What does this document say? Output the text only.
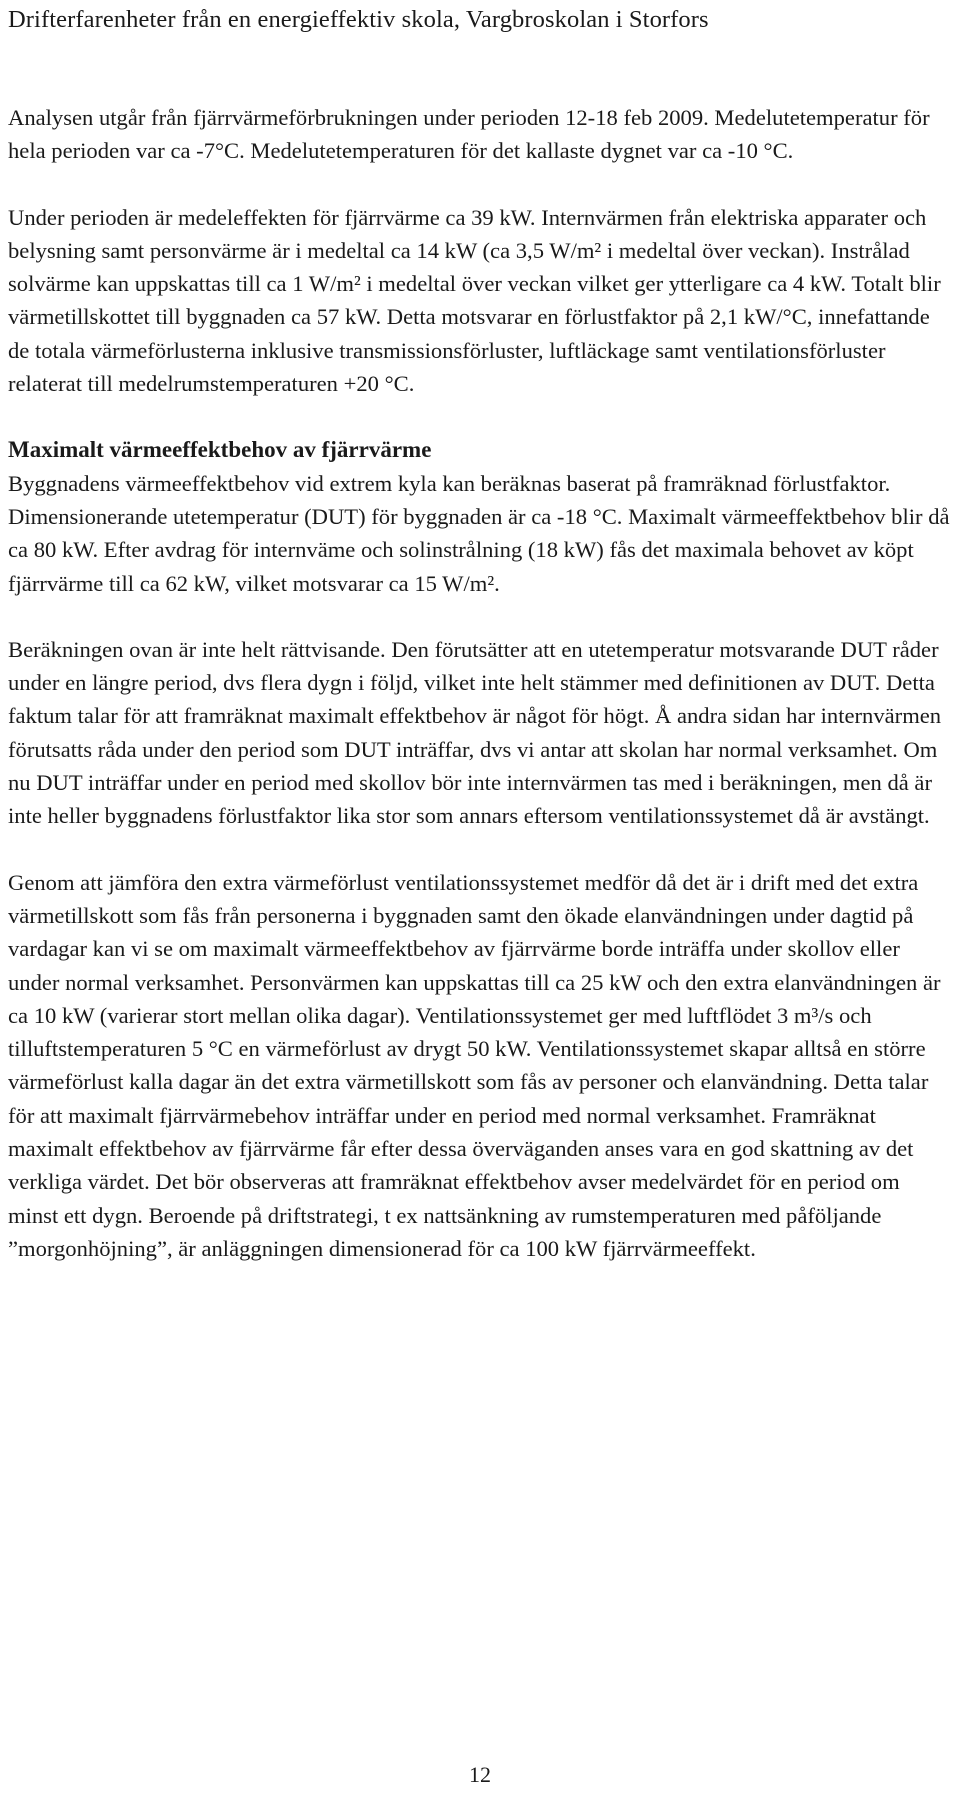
Drifterfarenheter från en energieffektiv skola, Vargbroskolan i Storfors

Analysen utgår från fjärrvärmeförbrukningen under perioden 12-18 feb 2009. Medelutetemperatur för hela perioden var ca -7°C. Medelutetemperaturen för det kallaste dygnet var ca -10 °C.

Under perioden är medeleffekten för fjärrvärme ca 39 kW. Internvärmen från elektriska apparater och belysning samt personvärme är i medeltal ca 14 kW (ca 3,5 W/m² i medeltal över veckan). Instrålad solvärme kan uppskattas till ca 1 W/m² i medeltal över veckan vilket ger ytterligare ca 4 kW. Totalt blir värmetillskottet till byggnaden ca 57 kW. Detta motsvarar en förlustfaktor på 2,1 kW/°C, innefattande de totala värmeförlusterna inklusive transmissionsförluster, luftläckage samt ventilationsförluster relaterat till medelrumstemperaturen +20 °C.

Maximalt värmeeffektbehov av fjärrvärme

Byggnadens värmeeffektbehov vid extrem kyla kan beräknas baserat på framräknad förlustfaktor. Dimensionerande utetemperatur (DUT) för byggnaden är ca -18 °C. Maximalt värmeeffektbehov blir då ca 80 kW. Efter avdrag för internväme och solinstrålning (18 kW) fås det maximala behovet av köpt fjärrvärme till ca 62 kW, vilket motsvarar ca 15 W/m².

Beräkningen ovan är inte helt rättvisande. Den förutsätter att en utetemperatur motsvarande DUT råder under en längre period, dvs flera dygn i följd, vilket inte helt stämmer med definitionen av DUT. Detta faktum talar för att framräknat maximalt effektbehov är något för högt. Å andra sidan har internvärmen förutsatts råda under den period som DUT inträffar, dvs vi antar att skolan har normal verksamhet. Om nu DUT inträffar under en period med skollov bör inte internvärmen tas med i beräkningen, men då är inte heller byggnadens förlustfaktor lika stor som annars eftersom ventilationssystemet då är avstängt.

Genom att jämföra den extra värmeförlust ventilationssystemet medför då det är i drift med det extra värmetillskott som fås från personerna i byggnaden samt den ökade elanvändningen under dagtid på vardagar kan vi se om maximalt värmeeffektbehov av fjärrvärme borde inträffa under skollov eller under normal verksamhet. Personvärmen kan uppskattas till ca 25 kW och den extra elanvändningen är ca 10 kW (varierar stort mellan olika dagar). Ventilationssystemet ger med luftflödet 3 m³/s och tilluftstemperaturen 5 °C en värmeförlust av drygt 50 kW. Ventilationssystemet skapar alltså en större värmeförlust kalla dagar än det extra värmetillskott som fås av personer och elanvändning. Detta talar för att maximalt fjärrvärmebehov inträffar under en period med normal verksamhet. Framräknat maximalt effektbehov av fjärrvärme får efter dessa överväganden anses vara en god skattning av det verkliga värdet. Det bör observeras att framräknat effektbehov avser medelvärdet för en period om minst ett dygn. Beroende på driftstrategi, t ex nattsänkning av rumstemperaturen med påföljande ”morgonhöjning”, är anläggningen dimensionerad för ca 100 kW fjärrvärmeeffekt.

12
